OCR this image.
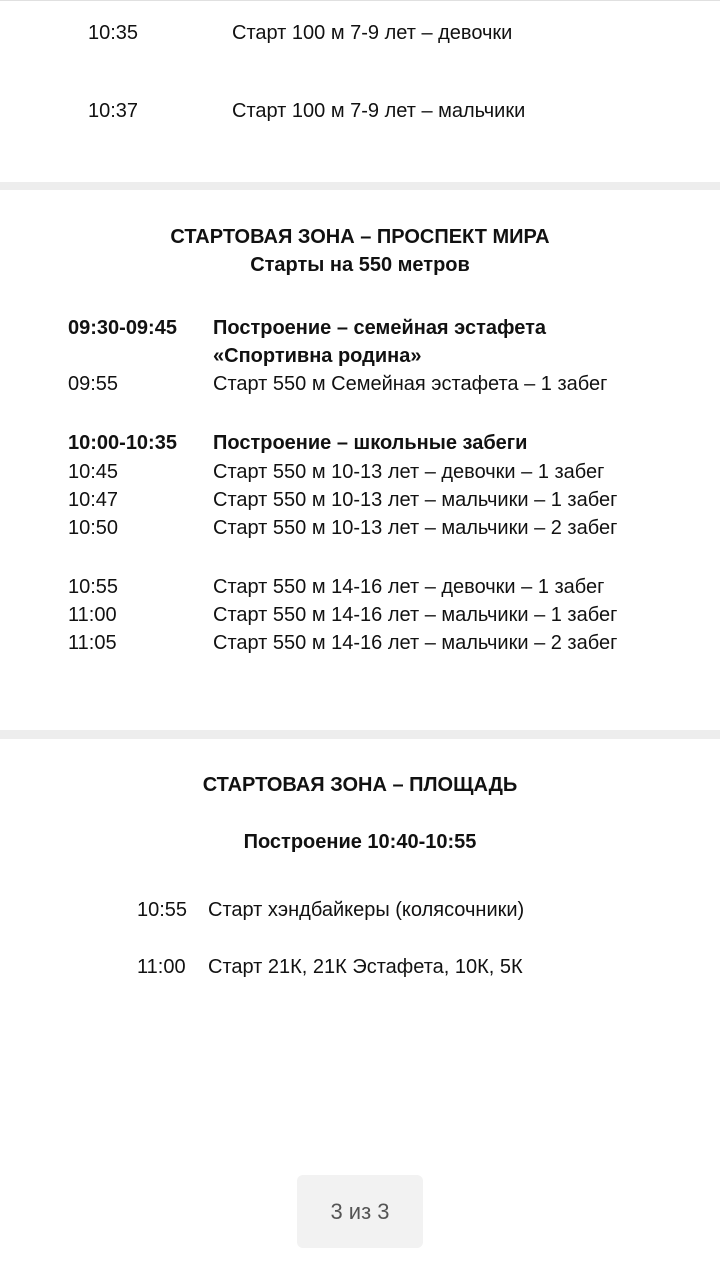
10:35	Старт 100 м 7-9 лет – девочки
10:37	Старт 100 м 7-9 лет – мальчики
СТАРТОВАЯ ЗОНА – ПРОСПЕКТ МИРА
Старты на 550 метров
09:30-09:45 Построение – семейная эстафета
«Спортивна родина»
09:55	Старт 550 м Семейная эстафета – 1 забег
10:00-10:35 Построение – школьные забеги
10:45	Старт 550 м 10-13 лет – девочки – 1 забег
10:47	Старт 550 м 10-13 лет – мальчики – 1 забег
10:50	Старт 550 м 10-13 лет – мальчики – 2 забег
10:55	Старт 550 м 14-16 лет – девочки – 1 забег
11:00	Старт 550 м 14-16 лет – мальчики – 1 забег
11:05	Старт 550 м 14-16 лет – мальчики – 2 забег
СТАРТОВАЯ ЗОНА – ПЛОЩАДЬ
Построение 10:40-10:55
10:55 Старт хэндбайкеры (колясочники)
11:00 Старт 21К, 21К Эстафета, 10К, 5К
3 из 3
